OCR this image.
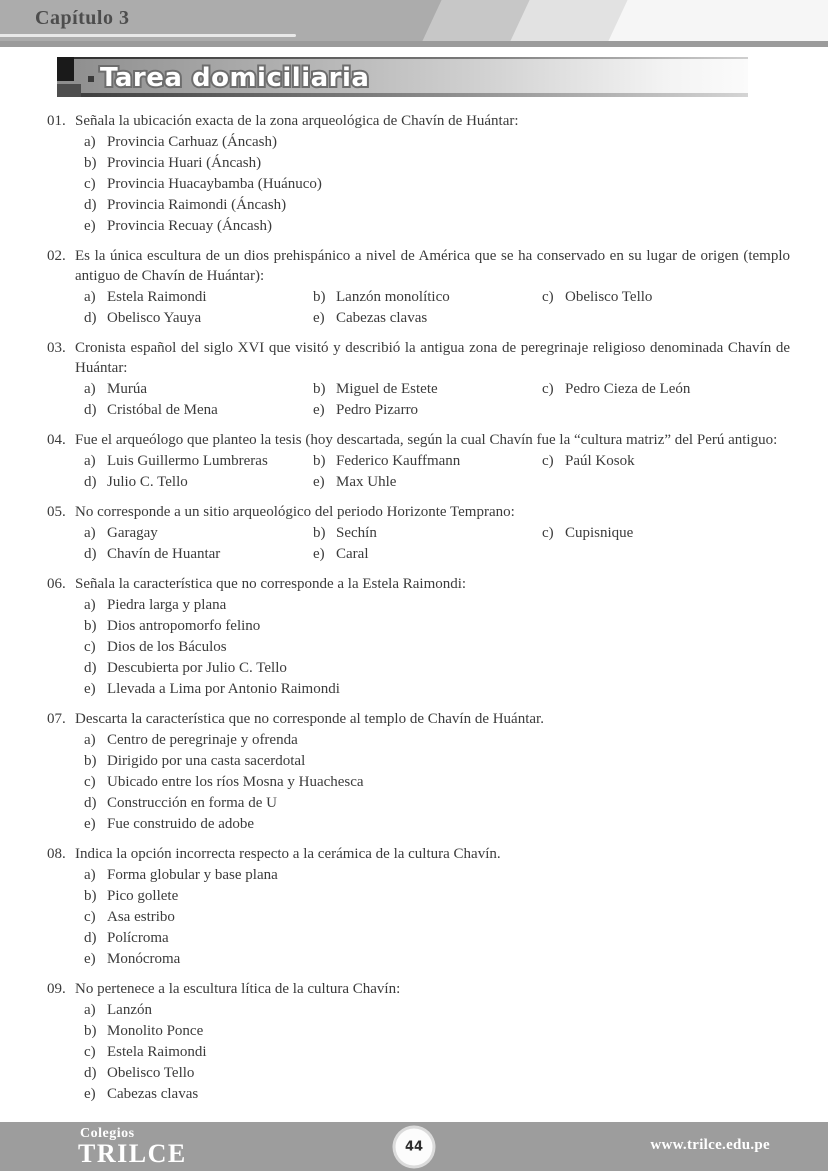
Capítulo 3
Tarea domiciliaria
01. Señala la ubicación exacta de la zona arqueológica de Chavín de Huántar:
a) Provincia Carhuaz (Áncash)
b) Provincia Huari (Áncash)
c) Provincia Huacaybamba (Huánuco)
d) Provincia Raimondi (Áncash)
e) Provincia Recuay (Áncash)
02. Es la única escultura de un dios prehispánico a nivel de América que se ha conservado en su lugar de origen (templo antiguo de Chavín de Huántar):
a) Estela Raimondi	b) Lanzón monolítico	c) Obelisco Tello
d) Obelisco Yauya	e) Cabezas clavas
03. Cronista español del siglo XVI que visitó y describió la antigua zona de peregrinaje religioso denominada Chavín de Huántar:
a) Murúa	b) Miguel de Estete	c) Pedro Cieza de León
d) Cristóbal de Mena	e) Pedro Pizarro
04. Fue el arqueólogo que planteo la tesis (hoy descartada, según la cual Chavín fue la “cultura matriz” del Perú antiguo:
a) Luis Guillermo Lumbreras	b) Federico Kauffmann	c) Paúl Kosok
d) Julio C. Tello	e) Max Uhle
05. No corresponde a un sitio arqueológico del periodo Horizonte Temprano:
a) Garagay	b) Sechín	c) Cupisnique
d) Chavín de Huantar	e) Caral
06. Señala la característica que no corresponde a la Estela Raimondi:
a) Piedra larga y plana
b) Dios antropomorfo felino
c) Dios de los Báculos
d) Descubierta por Julio C. Tello
e) Llevada a Lima por Antonio Raimondi
07. Descarta la característica que no corresponde al templo de Chavín de Huántar.
a) Centro de peregrinaje y ofrenda
b) Dirigido por una casta sacerdotal
c) Ubicado entre los ríos Mosna y Huachesca
d) Construcción en forma de U
e) Fue construido de adobe
08. Indica la opción incorrecta respecto a la cerámica de la cultura Chavín.
a) Forma globular y base plana
b) Pico gollete
c) Asa estribo
d) Polícroma
e) Monócroma
09. No pertenece a la escultura lítica de la cultura Chavín:
a) Lanzón
b) Monolito Ponce
c) Estela Raimondi
d) Obelisco Tello
e) Cabezas clavas
Colegios
TRILCE	44	www.trilce.edu.pe
